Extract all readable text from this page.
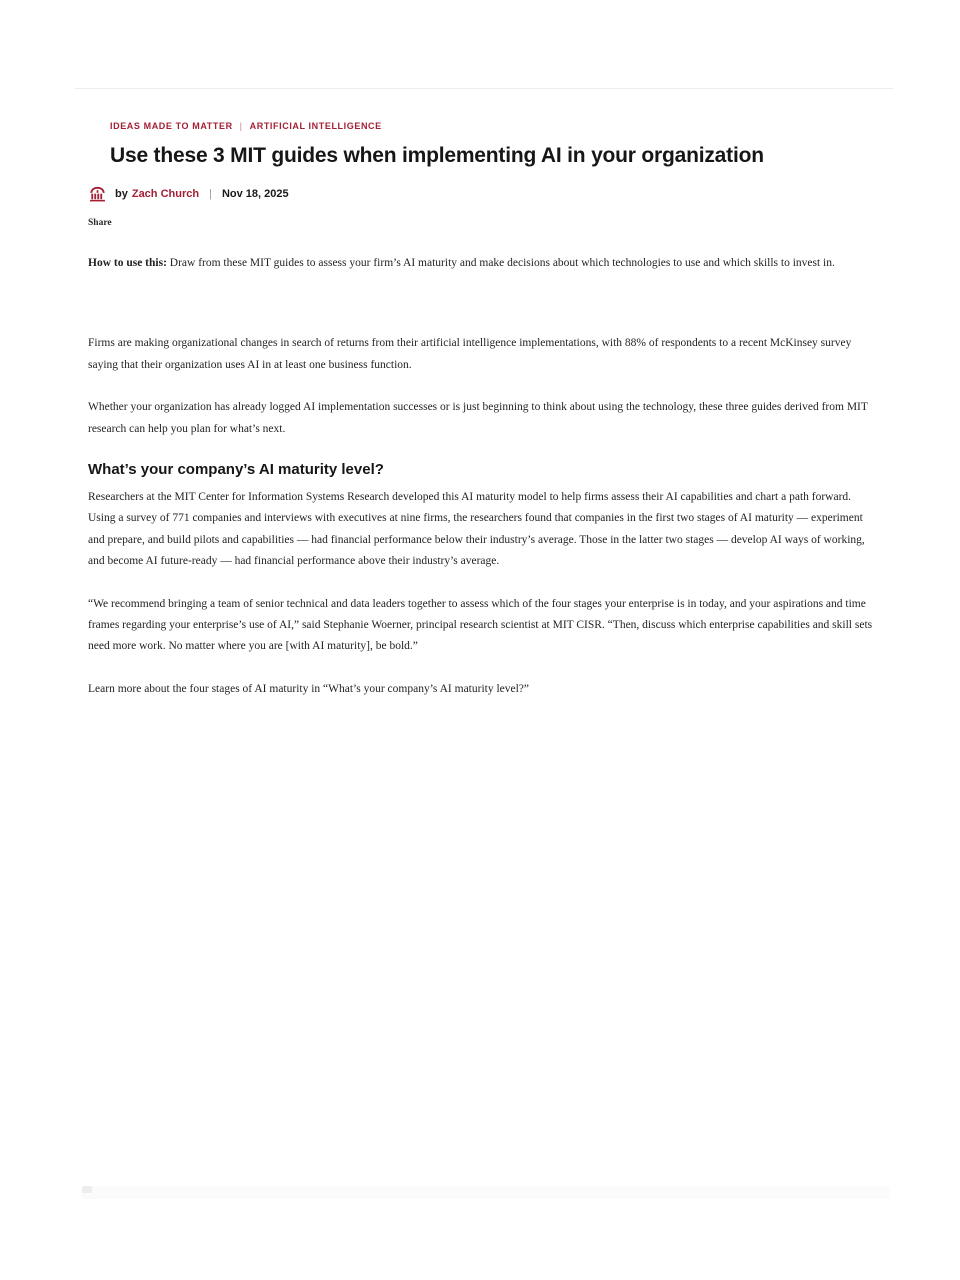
IDEAS MADE TO MATTER | ARTIFICIAL INTELLIGENCE
Use these 3 MIT guides when implementing AI in your organization
by Zach Church | Nov 18, 2025
Share

How to use this: Draw from these MIT guides to assess your firm’s AI maturity and make decisions about which technologies to use and which skills to invest in.

Firms are making organizational changes in search of returns from their artificial intelligence implementations, with 88% of respondents to a recent McKinsey survey saying that their organization uses AI in at least one business function.

Whether your organization has already logged AI implementation successes or is just beginning to think about using the technology, these three guides derived from MIT research can help you plan for what’s next.

What’s your company’s AI maturity level?

Researchers at the MIT Center for Information Systems Research developed this AI maturity model to help firms assess their AI capabilities and chart a path forward. Using a survey of 771 companies and interviews with executives at nine firms, the researchers found that companies in the first two stages of AI maturity — experiment and prepare, and build pilots and capabilities — had financial performance below their industry’s average. Those in the latter two stages — develop AI ways of working, and become AI future-ready — had financial performance above their industry’s average.

“We recommend bringing a team of senior technical and data leaders together to assess which of the four stages your enterprise is in today, and your aspirations and time frames regarding your enterprise’s use of AI,” said Stephanie Woerner, principal research scientist at MIT CISR. “Then, discuss which enterprise capabilities and skill sets need more work. No matter where you are [with AI maturity], be bold.”

Learn more about the four stages of AI maturity in “What’s your company’s AI maturity level?”
